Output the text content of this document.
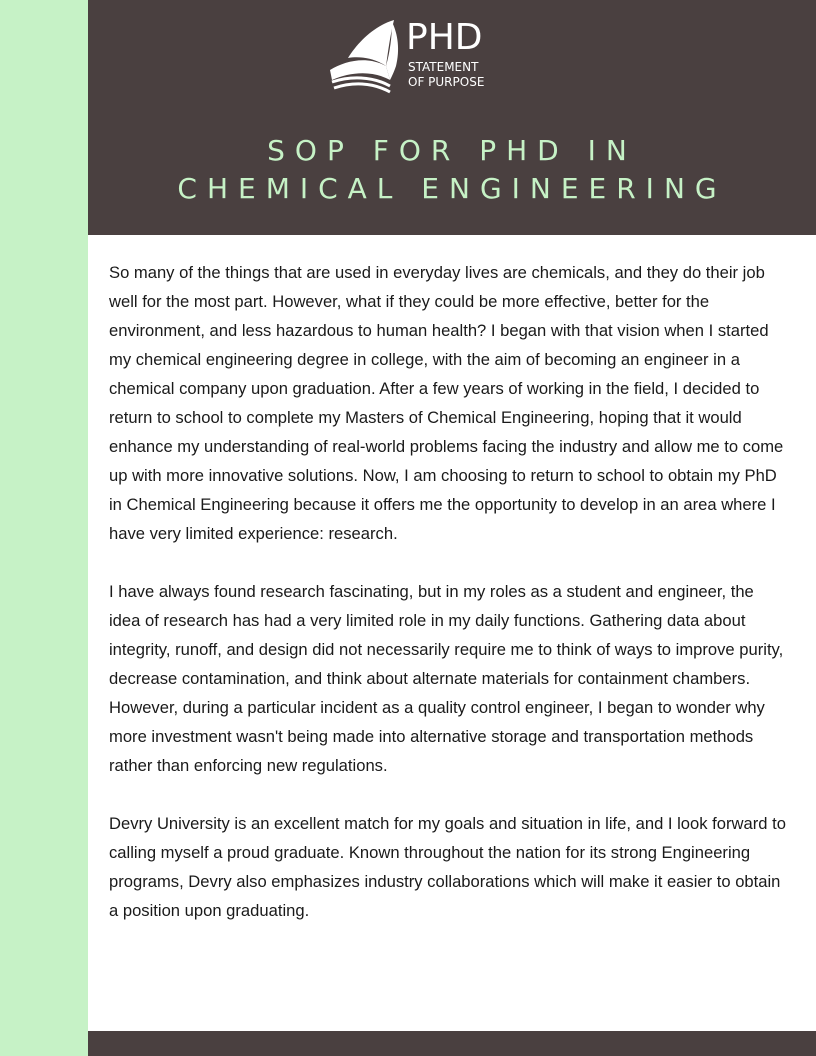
PHD
STATEMENT
OF PURPOSE
SOP FOR PHD IN
CHEMICAL ENGINEERING

So many of the things that are used in everyday lives are chemicals, and they do their job well for the most part. However, what if they could be more effective, better for the environment, and less hazardous to human health? I began with that vision when I started my chemical engineering degree in college, with the aim of becoming an engineer in a chemical company upon graduation. After a few years of working in the field, I decided to return to school to complete my Masters of Chemical Engineering, hoping that it would enhance my understanding of real-world problems facing the industry and allow me to come up with more innovative solutions. Now, I am choosing to return to school to obtain my PhD in Chemical Engineering because it offers me the opportunity to develop in an area where I have very limited experience: research.

I have always found research fascinating, but in my roles as a student and engineer, the idea of research has had a very limited role in my daily functions. Gathering data about integrity, runoff, and design did not necessarily require me to think of ways to improve purity, decrease contamination, and think about alternate materials for containment chambers. However, during a particular incident as a quality control engineer, I began to wonder why more investment wasn't being made into alternative storage and transportation methods rather than enforcing new regulations.

Devry University is an excellent match for my goals and situation in life, and I look forward to calling myself a proud graduate. Known throughout the nation for its strong Engineering programs, Devry also emphasizes industry collaborations which will make it easier to obtain a position upon graduating.
